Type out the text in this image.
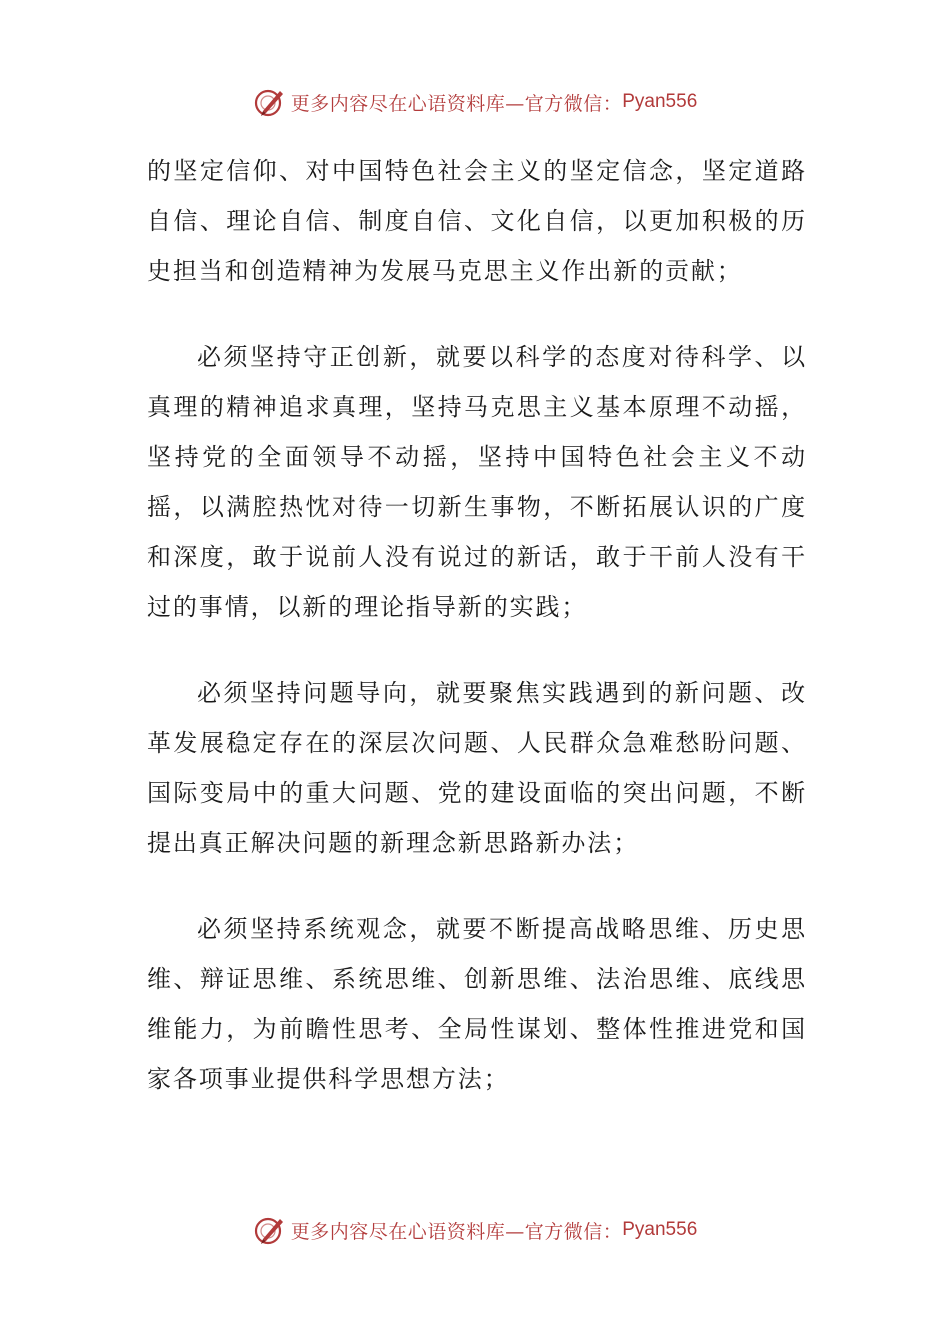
更多内容尽在心语资料库—官方微信： Pyan556

的坚定信仰、对中国特色社会主义的坚定信念，坚定道路自信、理论自信、制度自信、文化自信，以更加积极的历史担当和创造精神为发展马克思主义作出新的贡献；

必须坚持守正创新，就要以科学的态度对待科学、以真理的精神追求真理，坚持马克思主义基本原理不动摇，坚持党的全面领导不动摇，坚持中国特色社会主义不动摇，以满腔热忱对待一切新生事物，不断拓展认识的广度和深度，敢于说前人没有说过的新话，敢于干前人没有干过的事情，以新的理论指导新的实践；

必须坚持问题导向，就要聚焦实践遇到的新问题、改革发展稳定存在的深层次问题、人民群众急难愁盼问题、国际变局中的重大问题、党的建设面临的突出问题，不断提出真正解决问题的新理念新思路新办法；

必须坚持系统观念，就要不断提高战略思维、历史思维、辩证思维、系统思维、创新思维、法治思维、底线思维能力，为前瞻性思考、全局性谋划、整体性推进党和国家各项事业提供科学思想方法；

更多内容尽在心语资料库—官方微信： Pyan556
